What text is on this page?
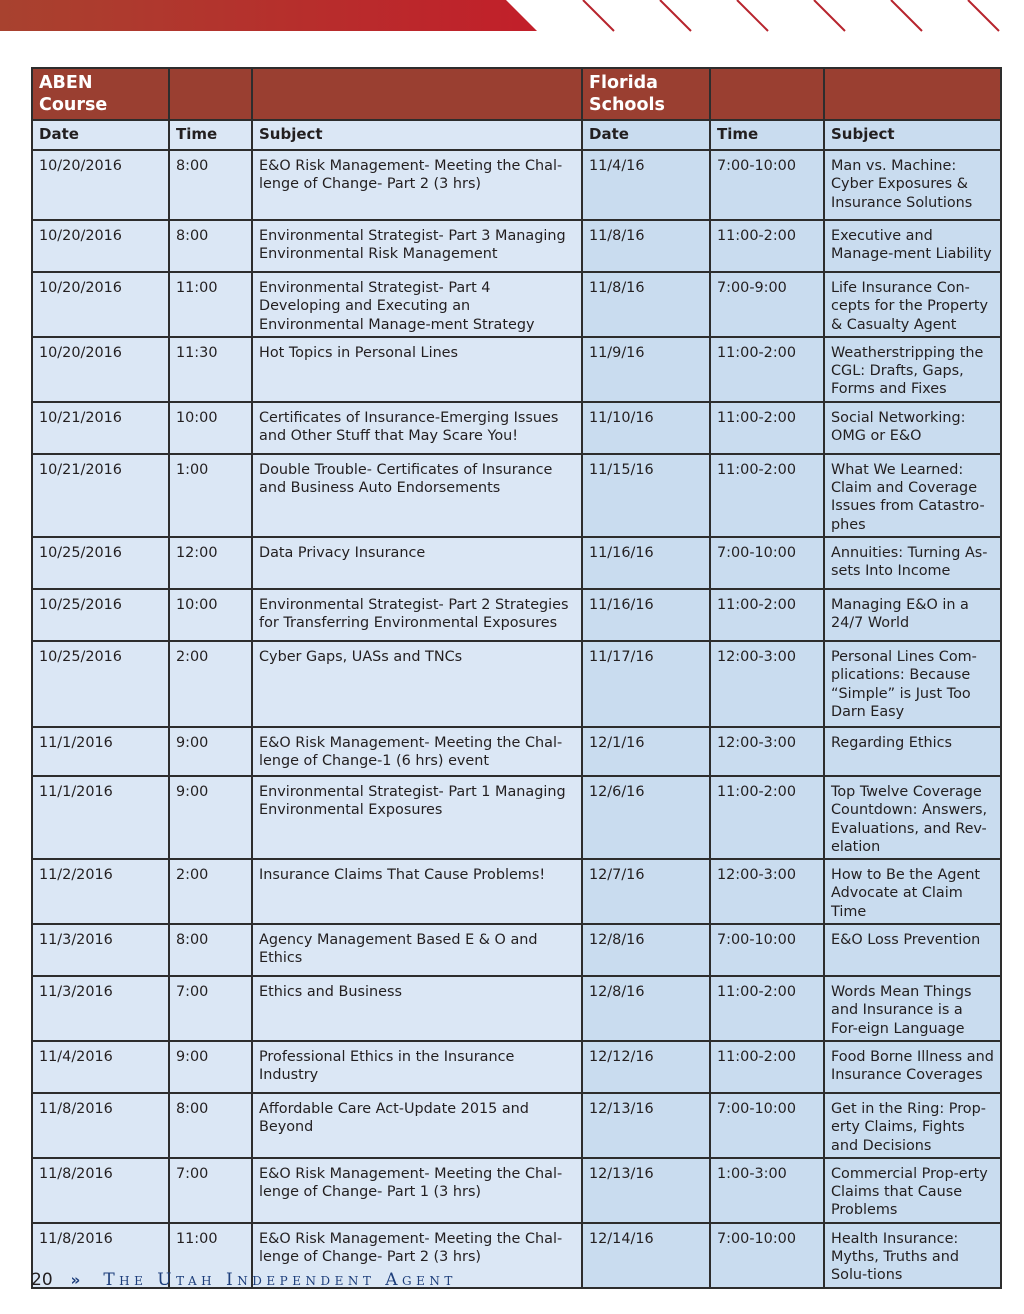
ABEN Course			Florida Schools		
Date	Time	Subject	Date	Time	Subject
10/20/2016	8:00	E&O Risk Management- Meeting the Chal-lenge of Change- Part 2 (3 hrs)	11/4/16	7:00-10:00	Man vs. Machine: Cyber Exposures & Insurance Solutions
10/20/2016	8:00	Environmental Strategist- Part 3 Managing Environmental Risk Management	11/8/16	11:00-2:00	Executive and Manage-ment Liability
10/20/2016	11:00	Environmental Strategist- Part 4 Developing and Executing an Environmental Manage-ment Strategy	11/8/16	7:00-9:00	Life Insurance Con-cepts for the Property & Casualty Agent
10/20/2016	11:30	Hot Topics in Personal Lines	11/9/16	11:00-2:00	Weatherstripping the CGL: Drafts, Gaps, Forms and Fixes
10/21/2016	10:00	Certificates of Insurance-Emerging Issues and Other Stuff that May Scare You!	11/10/16	11:00-2:00	Social Networking: OMG or E&O
10/21/2016	1:00	Double Trouble- Certificates of Insurance and Business Auto Endorsements	11/15/16	11:00-2:00	What We Learned: Claim and Coverage Issues from Catastro-phes
10/25/2016	12:00	Data Privacy Insurance	11/16/16	7:00-10:00	Annuities: Turning As-sets Into Income
10/25/2016	10:00	Environmental Strategist- Part 2 Strategies for Transferring Environmental Exposures	11/16/16	11:00-2:00	Managing E&O in a 24/7 World
10/25/2016	2:00	Cyber Gaps, UASs and TNCs	11/17/16	12:00-3:00	Personal Lines Com-plications: Because “Simple” is Just Too Darn Easy
11/1/2016	9:00	E&O Risk Management- Meeting the Chal-lenge of Change-1 (6 hrs) event	12/1/16	12:00-3:00	Regarding Ethics
11/1/2016	9:00	Environmental Strategist- Part 1 Managing Environmental Exposures	12/6/16	11:00-2:00	Top Twelve Coverage Countdown: Answers, Evaluations, and Rev-elation
11/2/2016	2:00	Insurance Claims That Cause Problems!	12/7/16	12:00-3:00	How to Be the Agent Advocate at Claim Time
11/3/2016	8:00	Agency Management Based E & O and Ethics	12/8/16	7:00-10:00	E&O Loss Prevention
11/3/2016	7:00	Ethics and Business	12/8/16	11:00-2:00	Words Mean Things and Insurance is a For-eign Language
11/4/2016	9:00	Professional Ethics in the Insurance Industry	12/12/16	11:00-2:00	Food Borne Illness and Insurance Coverages
11/8/2016	8:00	Affordable Care Act-Update 2015 and Beyond	12/13/16	7:00-10:00	Get in the Ring: Prop-erty Claims, Fights and Decisions
11/8/2016	7:00	E&O Risk Management- Meeting the Chal-lenge of Change- Part 1 (3 hrs)	12/13/16	1:00-3:00	Commercial Prop-erty Claims that Cause Problems
11/8/2016	11:00	E&O Risk Management- Meeting the Chal-lenge of Change- Part 2 (3 hrs)	12/14/16	7:00-10:00	Health Insurance: Myths, Truths and Solu-tions
20 » The Utah Independent Agent
